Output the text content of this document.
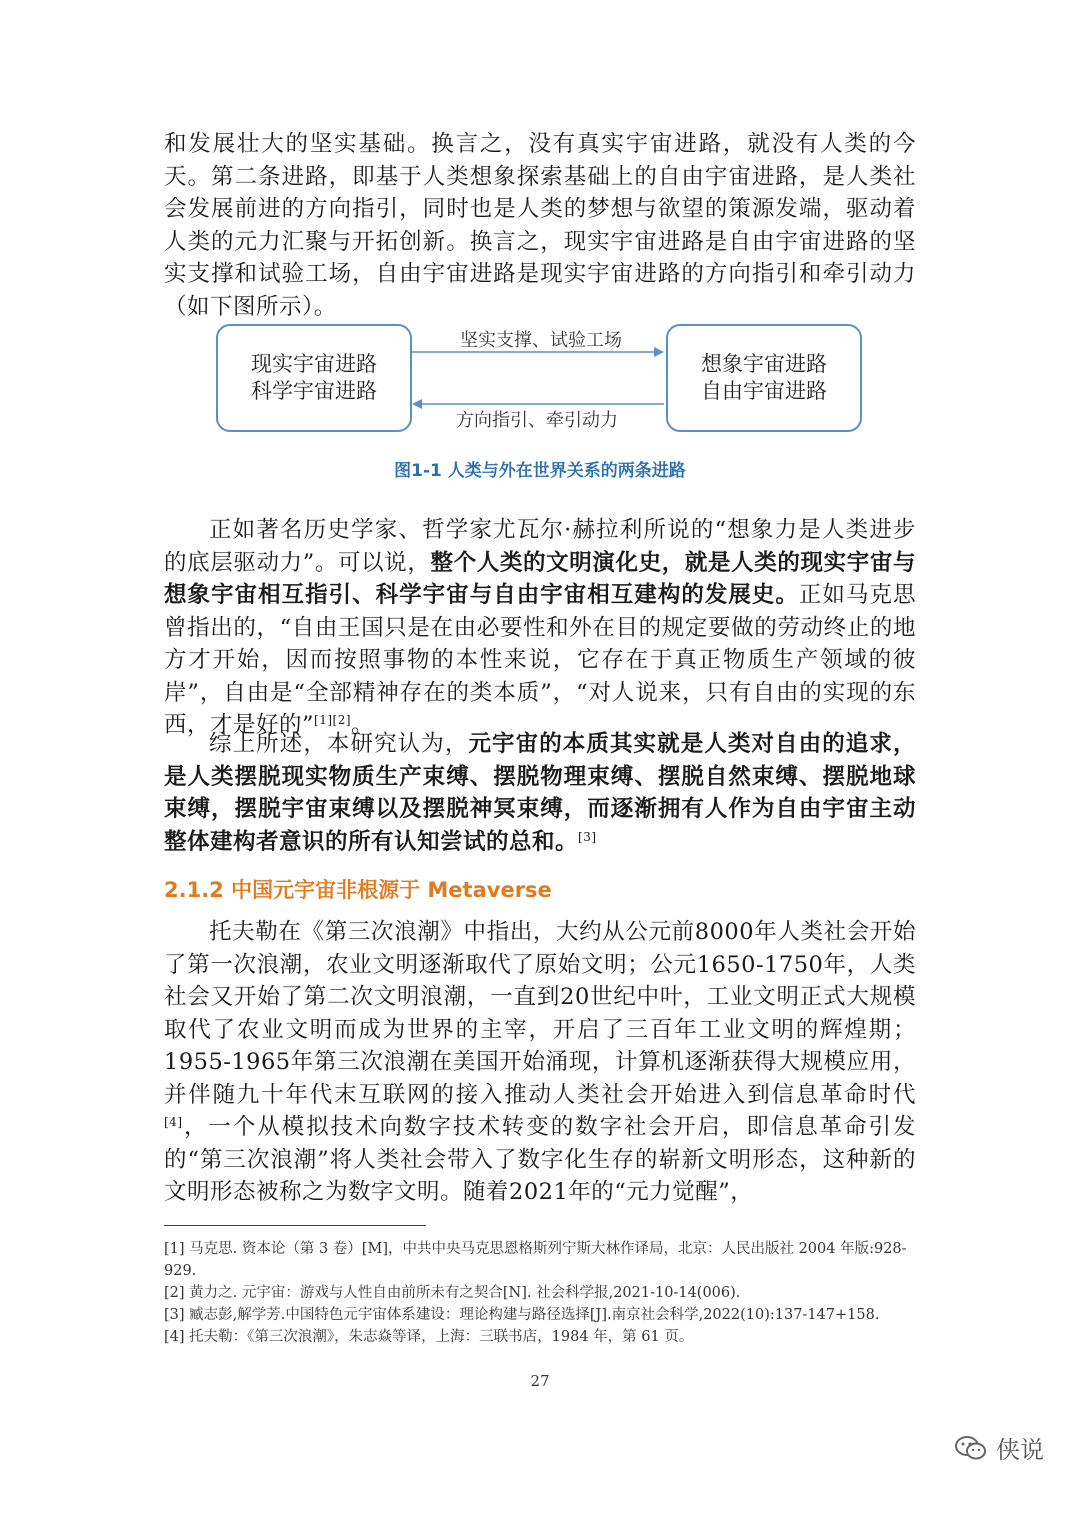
和发展壮大的坚实基础。换言之，没有真实宇宙进路，就没有人类的今天。第二条进路，即基于人类想象探索基础上的自由宇宙进路，是人类社会发展前进的方向指引，同时也是人类的梦想与欲望的策源发端，驱动着人类的元力汇聚与开拓创新。换言之，现实宇宙进路是自由宇宙进路的坚实支撑和试验工场，自由宇宙进路是现实宇宙进路的方向指引和牵引动力（如下图所示）。

现实宇宙进路
科学宇宙进路
想象宇宙进路
自由宇宙进路
坚实支撑、试验工场
方向指引、牵引动力
图1-1 人类与外在世界关系的两条进路

正如著名历史学家、哲学家尤瓦尔·赫拉利所说的“想象力是人类进步的底层驱动力”。可以说，整个人类的文明演化史，就是人类的现实宇宙与想象宇宙相互指引、科学宇宙与自由宇宙相互建构的发展史。正如马克思曾指出的，“自由王国只是在由必要性和外在目的规定要做的劳动终止的地方才开始，因而按照事物的本性来说，它存在于真正物质生产领域的彼岸”，自由是“全部精神存在的类本质”，“对人说来，只有自由的实现的东西，才是好的”[1][2]。

综上所述，本研究认为，元宇宙的本质其实就是人类对自由的追求，是人类摆脱现实物质生产束缚、摆脱物理束缚、摆脱自然束缚、摆脱地球束缚，摆脱宇宙束缚以及摆脱神冥束缚，而逐渐拥有人作为自由宇宙主动整体建构者意识的所有认知尝试的总和。[3]

2.1.2 中国元宇宙非根源于 Metaverse

托夫勒在《第三次浪潮》中指出，大约从公元前8000年人类社会开始了第一次浪潮，农业文明逐渐取代了原始文明；公元1650-1750年，人类社会又开始了第二次文明浪潮，一直到20世纪中叶，工业文明正式大规模取代了农业文明而成为世界的主宰，开启了三百年工业文明的辉煌期；1955-1965年第三次浪潮在美国开始涌现，计算机逐渐获得大规模应用，并伴随九十年代末互联网的接入推动人类社会开始进入到信息革命时代[4]，一个从模拟技术向数字技术转变的数字社会开启，即信息革命引发的“第三次浪潮”将人类社会带入了数字化生存的崭新文明形态，这种新的文明形态被称之为数字文明。随着2021年的“元力觉醒”，

[1] 马克思. 资本论（第 3 卷）[M]，中共中央马克思恩格斯列宁斯大林作译局，北京：人民出版社 2004 年版:928-929.

[2] 黄力之. 元宇宙：游戏与人性自由前所未有之契合[N]. 社会科学报,2021-10-14(006).

[3] 臧志彭,解学芳.中国特色元宇宙体系建设：理论构建与路径选择[J].南京社会科学,2022(10):137-147+158.

[4] 托夫勒：《第三次浪潮》，朱志焱等译，上海：三联书店，1984 年，第 61 页。

27
侠说
